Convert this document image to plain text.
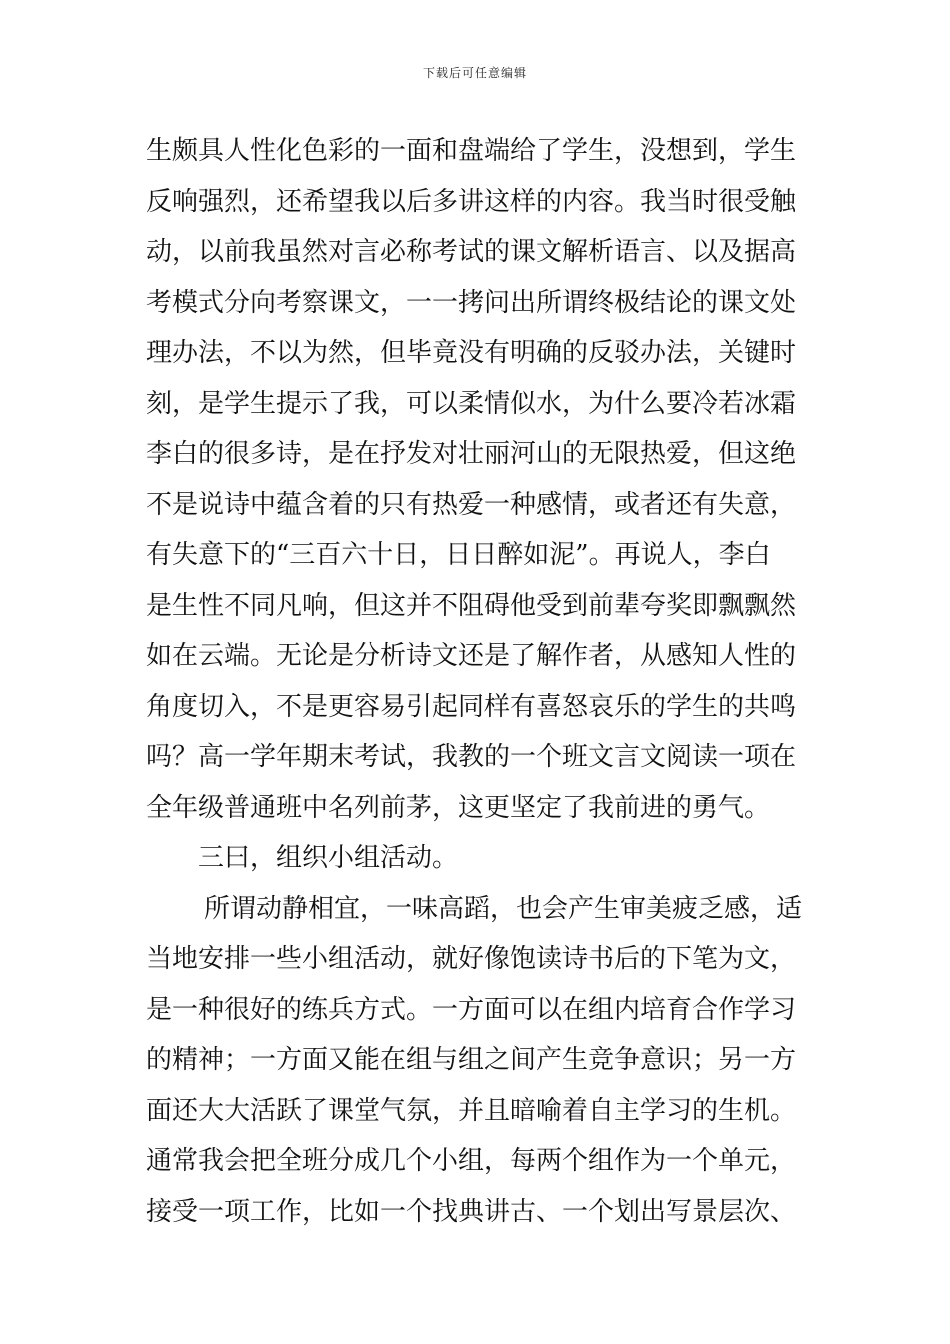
下载后可任意编辑
生颇具人性化色彩的一面和盘端给了学生，没想到，学生
反响强烈，还希望我以后多讲这样的内容。我当时很受触
动，以前我虽然对言必称考试的课文解析语言、以及据高
考模式分向考察课文，一一拷问出所谓终极结论的课文处
理办法，不以为然，但毕竟没有明确的反驳办法，关键时
刻，是学生提示了我，可以柔情似水，为什么要冷若冰霜
李白的很多诗，是在抒发对壮丽河山的无限热爱，但这绝
不是说诗中蕴含着的只有热爱一种感情，或者还有失意，
有失意下的“三百六十日，日日醉如泥”。再说人，李白
是生性不同凡响，但这并不阻碍他受到前辈夸奖即飘飘然
如在云端。无论是分析诗文还是了解作者，从感知人性的
角度切入，不是更容易引起同样有喜怒哀乐的学生的共鸣
吗？高一学年期末考试，我教的一个班文言文阅读一项在
全年级普通班中名列前茅，这更坚定了我前进的勇气。
三曰，组织小组活动。
所谓动静相宜，一味高蹈，也会产生审美疲乏感，适
当地安排一些小组活动，就好像饱读诗书后的下笔为文，
是一种很好的练兵方式。一方面可以在组内培育合作学习
的精神；一方面又能在组与组之间产生竞争意识；另一方
面还大大活跃了课堂气氛，并且暗喻着自主学习的生机。
通常我会把全班分成几个小组，每两个组作为一个单元，
接受一项工作，比如一个找典讲古、一个划出写景层次、
